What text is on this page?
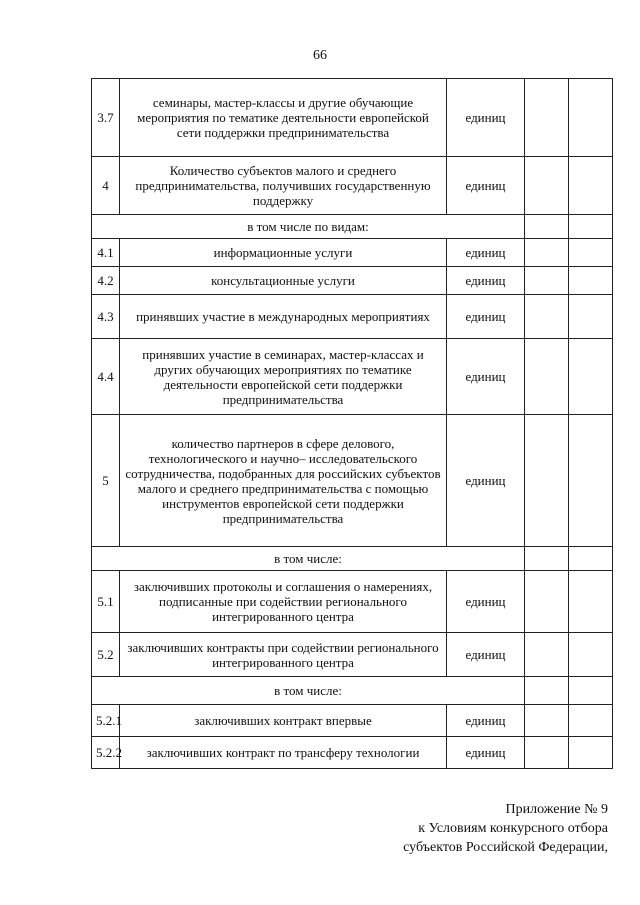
66
3.7	семинары, мастер-классы и другие обучающие мероприятия по тематике деятельности европейской сети поддержки предпринимательства	единиц		
4	Количество субъектов малого и среднего предпринимательства, получивших государственную поддержку	единиц		
в том числе по видам:				
4.1	информационные услуги	единиц		
4.2	консультационные услуги	единиц		
4.3	принявших участие в международных мероприятиях	единиц		
4.4	принявших участие в семинарах, мастер-классах и других обучающих мероприятиях по тематике деятельности европейской сети поддержки предпринимательства	единиц		
5	количество партнеров в сфере делового, технологического и научно– исследовательского сотрудничества, подобранных для российских субъектов малого и среднего предпринимательства с помощью инструментов европейской сети поддержки предпринимательства	единиц		
в том числе:				
5.1	заключивших протоколы и соглашения о намерениях, подписанные при содействии регионального интегрированного центра	единиц		
5.2	заключивших контракты при содействии регионального интегрированного центра	единиц		
в том числе:				
5.2.1	заключивших контракт впервые	единиц		
5.2.2	заключивших контракт по трансферу технологии	единиц		
Приложение № 9
к Условиям конкурсного отбора
субъектов Российской Федерации,
